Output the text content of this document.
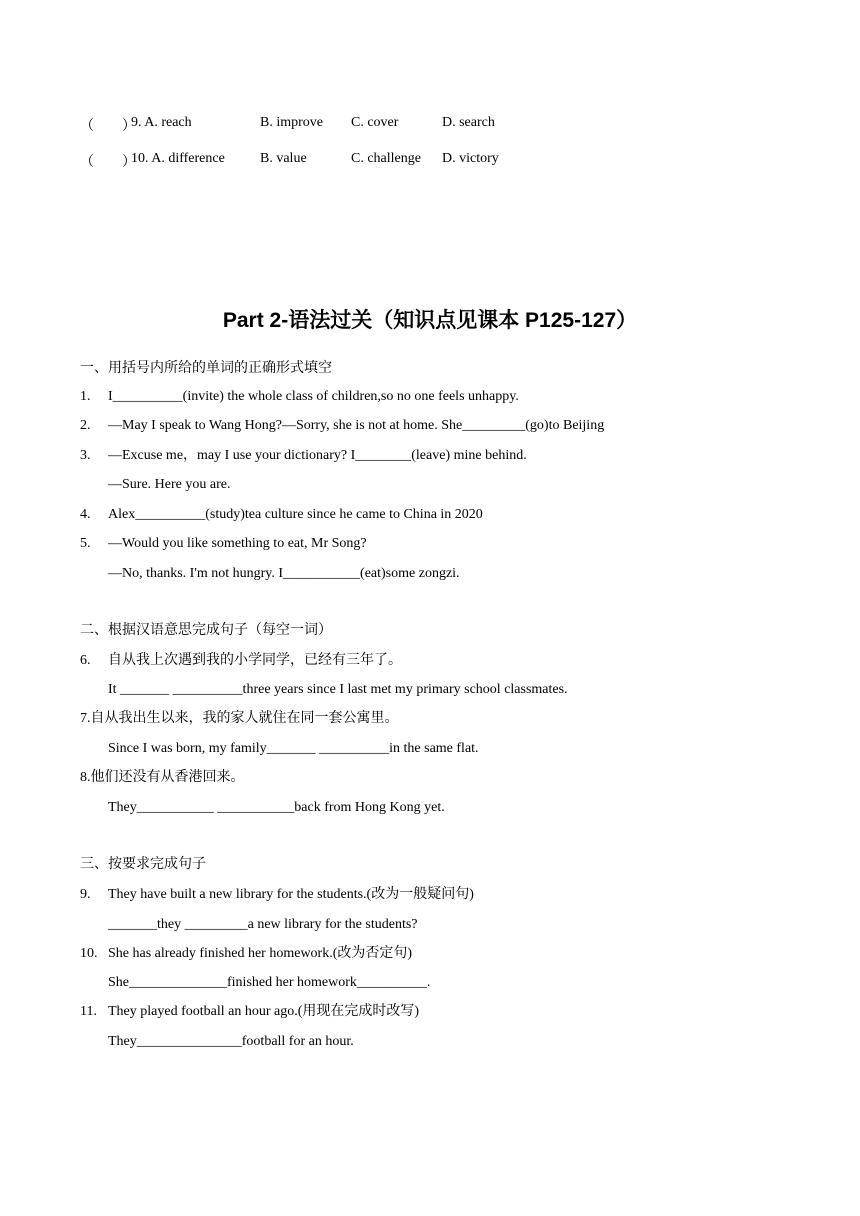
（　　）
9. A. reach	B. improve C. cover	D. search
（　　）
10. A. difference	B. value	C. challenge D. victory
Part 2-语法过关（知识点见课本 P125-127）
一、用括号内所给的单词的正确形式填空
1. I__________(invite) the whole class of children,so no one feels unhappy.
2. —May I speak to Wang Hong?—Sorry, she is not at home. She_________(go)to Beijing
3. —Excuse me，may I use your dictionary? I________(leave) mine behind.
—Sure. Here you are.
4. Alex__________(study)tea culture since he came to China in 2020
5. —Would you like something to eat, Mr Song?
—No, thanks. I'm not hungry. I___________(eat)some zongzi.
二、根据汉语意思完成句子（每空一词）
6. 自从我上次遇到我的小学同学，已经有三年了。
It _______ __________three years since I last met my primary school classmates.
7.自从我出生以来，我的家人就住在同一套公寓里。
Since I was born, my family_______ __________in the same flat.
8.他们还没有从香港回来。
They___________ ___________back from Hong Kong yet.
三、按要求完成句子
9. They have built a new library for the students.(改为一般疑问句)
_______they _________a new library for the students?
10. She has already finished her homework.(改为否定句)
She______________finished her homework__________.
11. They played football an hour ago.(用现在完成时改写)
They_______________football for an hour.
